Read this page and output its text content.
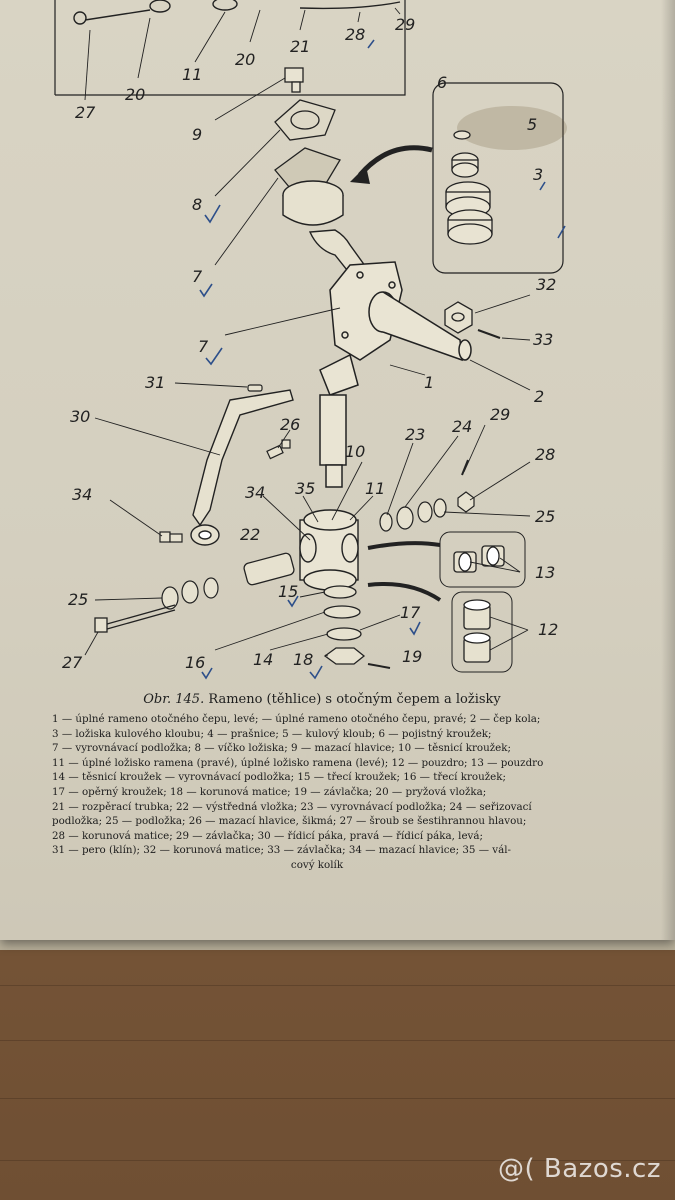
27
20
11
20
21
28
29
9
6
5
3
8
7	32
33
7
1
2
31
30
10
23 24
29
28
26
34	35	11
25
34
22
13
25	15
17
12
27	16	14 18	19
Obr. 145. Rameno (těhlice) s otočným čepem a ložisky
1 — úplné rameno otočného čepu, levé; — úplné rameno otočného čepu, pravé; 2 — čep kola;
3 — ložiska kulového kloubu; 4 — prašnice; 5 — kulový kloub; 6 — pojistný kroužek;
7 — vyrovnávací podložka; 8 — víčko ložiska; 9 — mazací hlavice; 10 — těsnicí kroužek;
11 — úplné ložisko ramena (pravé), úplné ložisko ramena (levé); 12 — pouzdro; 13 — pouzdro
14 — těsnicí kroužek — vyrovnávací podložka; 15 — třecí kroužek; 16 — třecí kroužek;
17 — opěrný kroužek; 18 — korunová matice; 19 — závlačka; 20 — pryžová vložka;
21 — rozpěrací trubka; 22 — výstředná vložka; 23 — vyrovnávací podložka; 24 — seřizovací
podložka; 25 — podložka; 26 — mazací hlavice, šikmá; 27 — šroub se šestihrannou hlavou;
28 — korunová matice; 29 — závlačka; 30 — řídicí páka, pravá — řídicí páka, levá;
31 — pero (klín); 32 — korunová matice; 33 — závlačka; 34 — mazací hlavice; 35 — vál-
cový kolík
@( Bazos.cz
